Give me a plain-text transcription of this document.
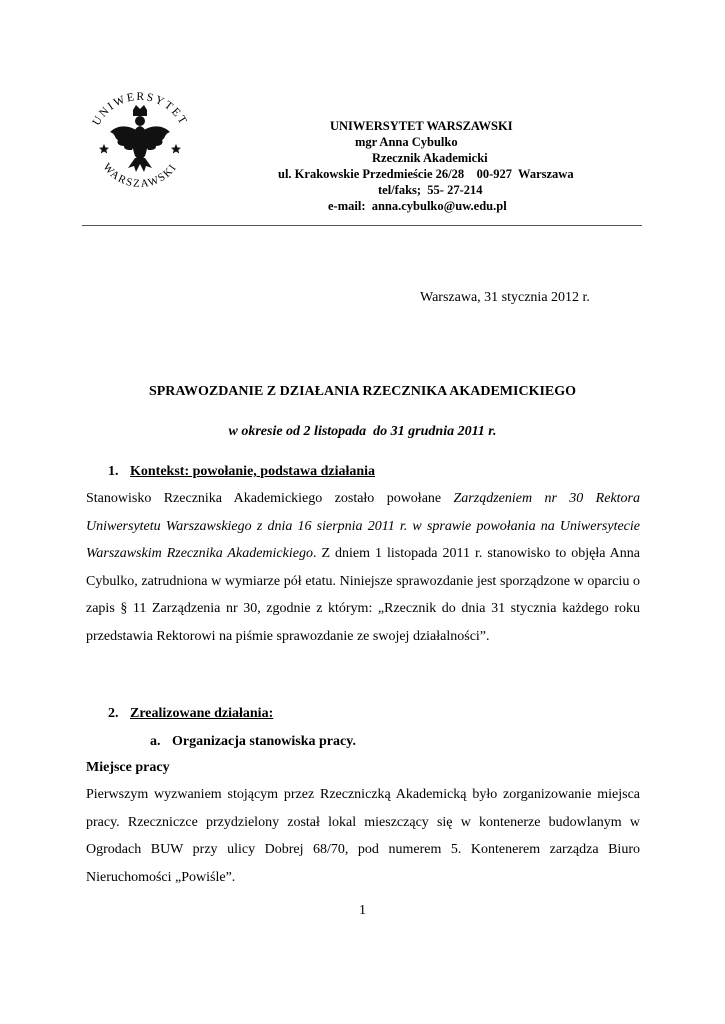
UNIWERSYTET
WARSZAWSKI
UNIWERSYTET WARSZAWSKI
mgr Anna Cybulko
Rzecznik Akademicki
ul. Krakowskie Przedmieście 26/28    00-927  Warszawa
tel/faks;  55- 27-214
e-mail:  anna.cybulko@uw.edu.pl
Warszawa, 31 stycznia 2012 r.
SPRAWOZDANIE Z DZIAŁANIA RZECZNIKA AKADEMICKIEGO
w okresie od 2 listopada  do 31 grudnia 2011 r.
1. Kontekst: powołanie, podstawa działania
Stanowisko Rzecznika Akademickiego zostało powołane Zarządzeniem nr 30 Rektora Uniwersytetu Warszawskiego z dnia 16 sierpnia 2011 r. w sprawie powołania na Uniwersytecie Warszawskim Rzecznika Akademickiego. Z dniem 1 listopada 2011 r. stanowisko to objęła Anna Cybulko, zatrudniona w wymiarze pół etatu. Niniejsze sprawozdanie jest sporządzone w oparciu o zapis § 11 Zarządzenia nr 30, zgodnie z którym: „Rzecznik do dnia 31 stycznia każdego roku przedstawia Rektorowi na piśmie sprawozdanie ze swojej działalności”.
2. Zrealizowane działania:
a. Organizacja stanowiska pracy.
Miejsce pracy
Pierwszym wyzwaniem stojącym przez Rzeczniczką Akademicką było zorganizowanie miejsca pracy. Rzeczniczce przydzielony został lokal mieszczący się w kontenerze budowlanym w Ogrodach BUW przy ulicy Dobrej 68/70, pod numerem 5. Kontenerem zarządza Biuro Nieruchomości „Powiśle”.
1
